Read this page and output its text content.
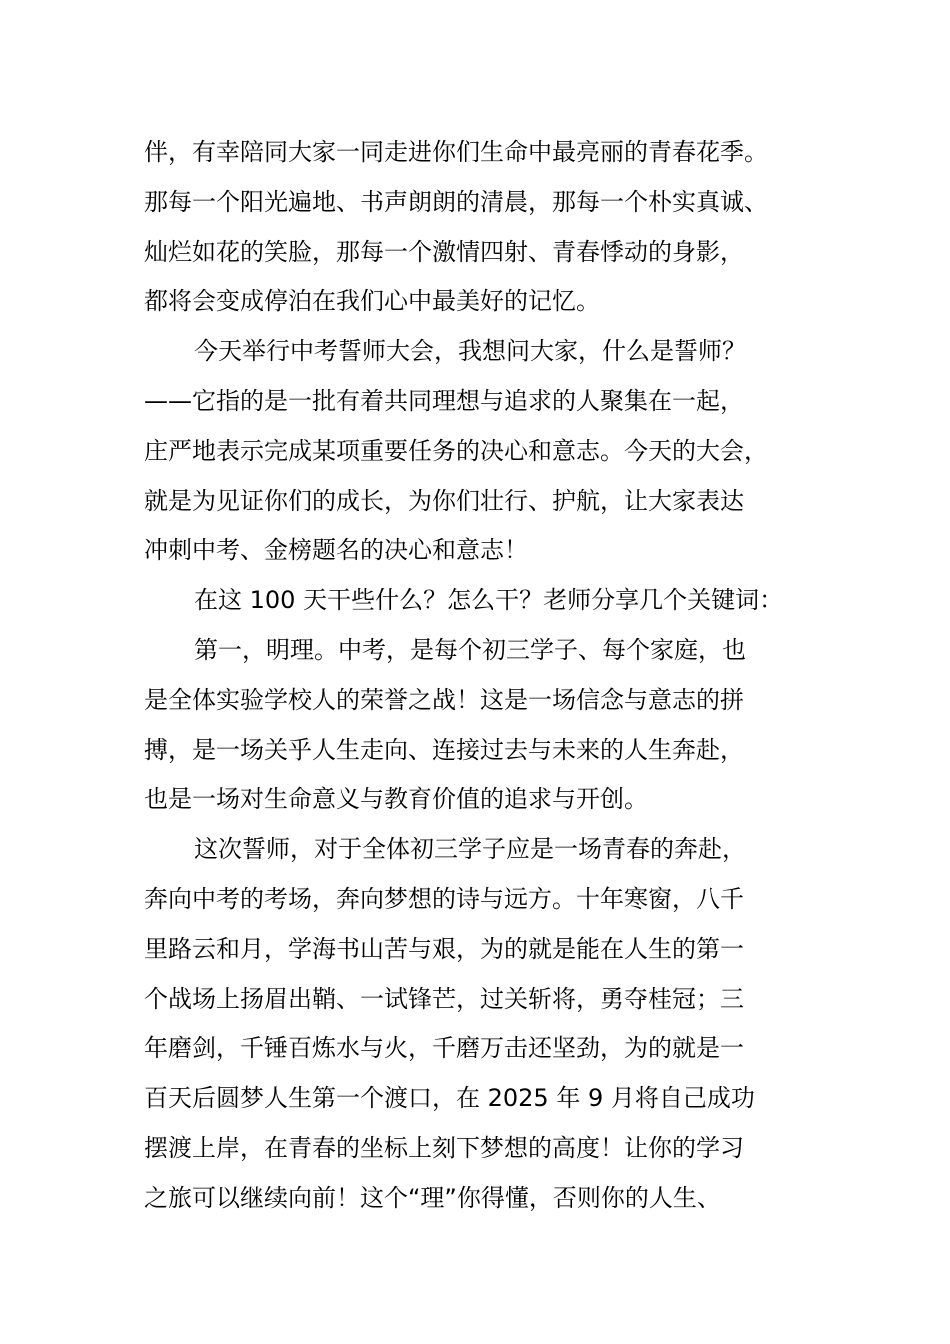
伴，有幸陪同大家一同走进你们生命中最亮丽的青春花季。
那每一个阳光遍地、书声朗朗的清晨，那每一个朴实真诚、
灿烂如花的笑脸，那每一个激情四射、青春悸动的身影，
都将会变成停泊在我们心中最美好的记忆。
今天举行中考誓师大会，我想问大家，什么是誓师？
——它指的是一批有着共同理想与追求的人聚集在一起，
庄严地表示完成某项重要任务的决心和意志。今天的大会，
就是为见证你们的成长，为你们壮行、护航，让大家表达
冲刺中考、金榜题名的决心和意志！
在这 100 天干些什么？怎么干？老师分享几个关键词：
第一，明理。中考，是每个初三学子、每个家庭，也
是全体实验学校人的荣誉之战！这是一场信念与意志的拼
搏，是一场关乎人生走向、连接过去与未来的人生奔赴，
也是一场对生命意义与教育价值的追求与开创。
这次誓师，对于全体初三学子应是一场青春的奔赴，
奔向中考的考场，奔向梦想的诗与远方。十年寒窗，八千
里路云和月，学海书山苦与艰，为的就是能在人生的第一
个战场上扬眉出鞘、一试锋芒，过关斩将，勇夺桂冠；三
年磨剑，千锤百炼水与火，千磨万击还坚劲，为的就是一
百天后圆梦人生第一个渡口，在 2025 年 9 月将自己成功
摆渡上岸，在青春的坐标上刻下梦想的高度！让你的学习
之旅可以继续向前！这个“理”你得懂，否则你的人生、
